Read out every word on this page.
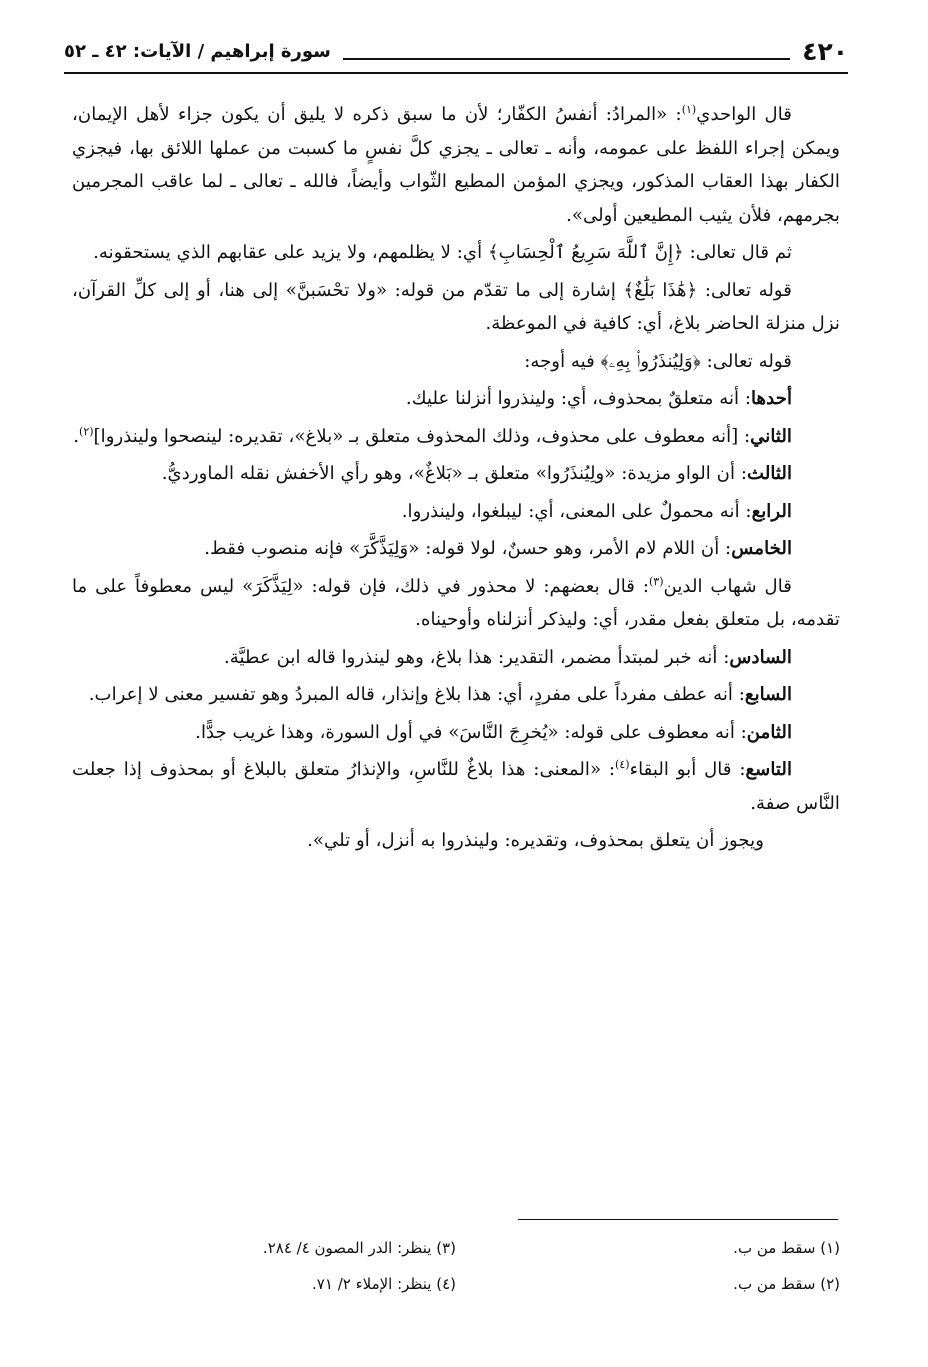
٤٢٠
سورة إبراهيم / الآيات: ٤٢ ـ ٥٢

قال الواحدي$^{(١)}$: «المرادُ: أنفسُ الكفّار؛ لأن ما سبق ذكره لا يليق أن يكون جزاء لأهل الإيمان، ويمكن إجراء اللفظ على عمومه، وأنه ـ تعالى ـ يجزي كلَّ نفسٍ ما كسبت من عملها اللائق بها، فيجزي الكفار بهذا العقاب المذكور، ويجزي المؤمن المطيع الثّواب وأيضاً، فالله ـ تعالى ـ لما عاقب المجرمين بجرمهم، فلأن يثيب المطيعين أولى».

ثم قال تعالى: ﴿إِنَّ ٱللَّهَ سَرِيعُ ٱلْحِسَابِ﴾ أي: لا يظلمهم، ولا يزيد على عقابهم الذي يستحقونه.

قوله تعالى: ﴿هَٰذَا بَلَٰغٌ﴾ إشارة إلى ما تقدّم من قوله: «ولا تحْسَبنَّ» إلى هنا، أو إلى كلِّ القرآن، نزل منزلة الحاضر بلاغ، أي: كافية في الموعظة.

قوله تعالى: ﴿وَلِيُنذَرُوا۟ بِهِۦ﴾ فيه أوجه:

أحدها: أنه متعلقٌ بمحذوف، أي: ولينذروا أنزلنا عليك.

الثاني: [أنه معطوف على محذوف، وذلك المحذوف متعلق بـ «بلاغ»، تقديره: لينصحوا ولينذروا]$^{(٢)}$.

الثالث: أن الواو مزيدة: «ولِيُنذَرُوا» متعلق بـ «بَلاغٌ»، وهو رأي الأخفش نقله الماورديُّ.

الرابع: أنه محمولٌ على المعنى، أي: ليبلغوا، ولينذروا.

الخامس: أن اللام لام الأمر، وهو حسنٌ، لولا قوله: «وَلِيَذَّكَّرَ» فإنه منصوب فقط.

قال شهاب الدين$^{(٣)}$: قال بعضهم: لا محذور في ذلك، فإن قوله: «لِيَذَّكَرَ» ليس معطوفاً على ما تقدمه، بل متعلق بفعل مقدر، أي: وليذكر أنزلناه وأوحيناه.

السادس: أنه خبر لمبتدأ مضمر، التقدير: هذا بلاغ، وهو لينذروا قاله ابن عطيَّة.

السابع: أنه عطف مفرداً على مفردٍ، أي: هذا بلاغ وإنذار، قاله المبردُ وهو تفسير معنى لا إعراب.

الثامن: أنه معطوف على قوله: «يُخرِجَ النَّاسَ» في أول السورة، وهذا غريب جدًّا.

التاسع: قال أبو البقاء$^{(٤)}$: «المعنى: هذا بلاغٌ للنَّاسِ، والإنذارُ متعلق بالبلاغ أو بمحذوف إذا جعلت النَّاس صفة.

ويجوز أن يتعلق بمحذوف، وتقديره: ولينذروا به أنزل، أو تلي».

(١) سقط من ب.
(٣) ينظر: الدر المصون ٤/ ٢٨٤.
(٢) سقط من ب.
(٤) ينظر: الإملاء ٢/ ٧١.
